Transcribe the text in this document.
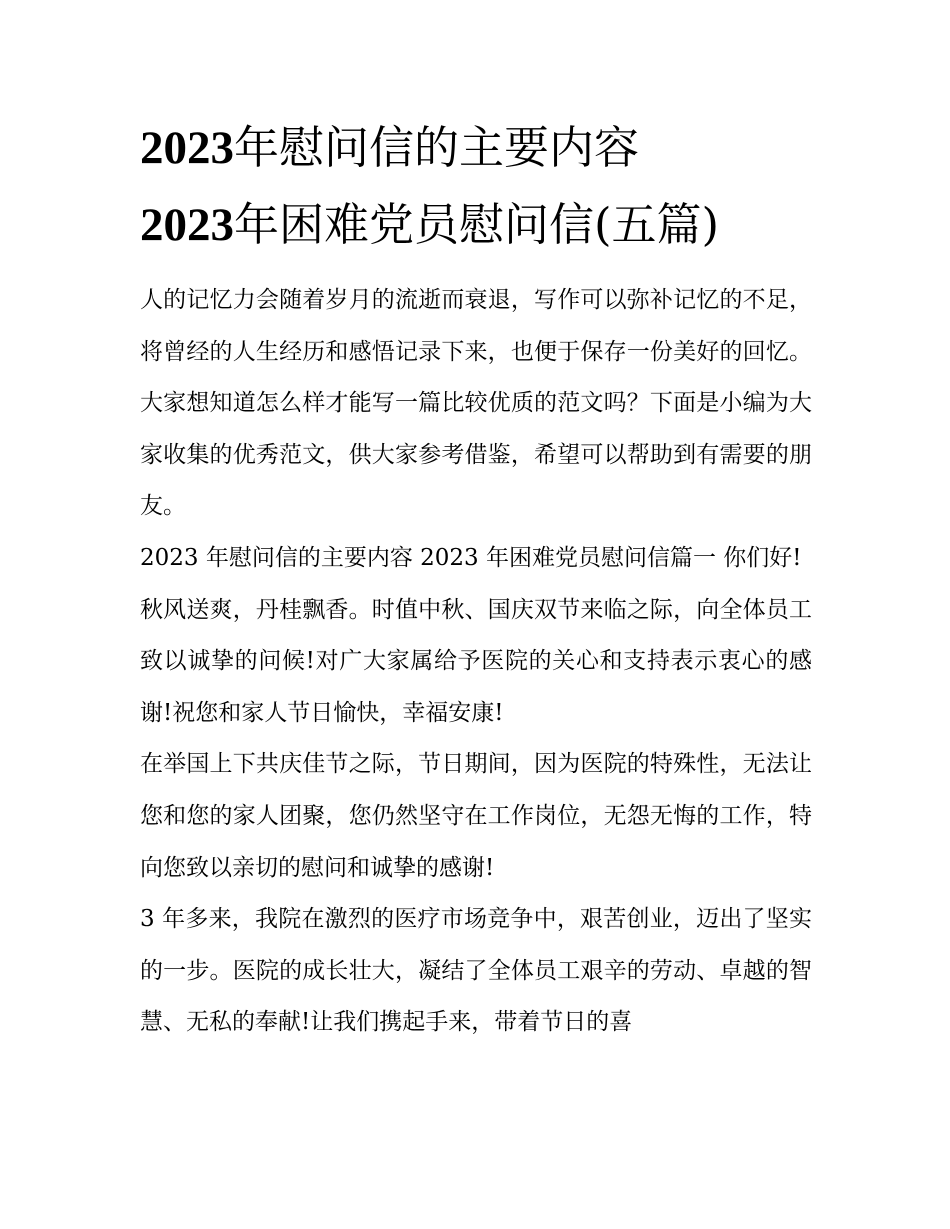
2023年慰问信的主要内容
2023年困难党员慰问信(五篇)

人的记忆力会随着岁月的流逝而衰退，写作可以弥补记忆的不足，将曾经的人生经历和感悟记录下来，也便于保存一份美好的回忆。大家想知道怎么样才能写一篇比较优质的范文吗？下面是小编为大家收集的优秀范文，供大家参考借鉴，希望可以帮助到有需要的朋友。

2023 年慰问信的主要内容 2023 年困难党员慰问信篇一 你们好!

秋风送爽，丹桂飘香。时值中秋、国庆双节来临之际，向全体员工致以诚挚的问候!对广大家属给予医院的关心和支持表示衷心的感谢!祝您和家人节日愉快，幸福安康!

在举国上下共庆佳节之际，节日期间，因为医院的特殊性，无法让您和您的家人团聚，您仍然坚守在工作岗位，无怨无悔的工作，特向您致以亲切的慰问和诚挚的感谢!

3 年多来，我院在激烈的医疗市场竞争中，艰苦创业，迈出了坚实的一步。医院的成长壮大，凝结了全体员工艰辛的劳动、卓越的智慧、无私的奉献!让我们携起手来，带着节日的喜
